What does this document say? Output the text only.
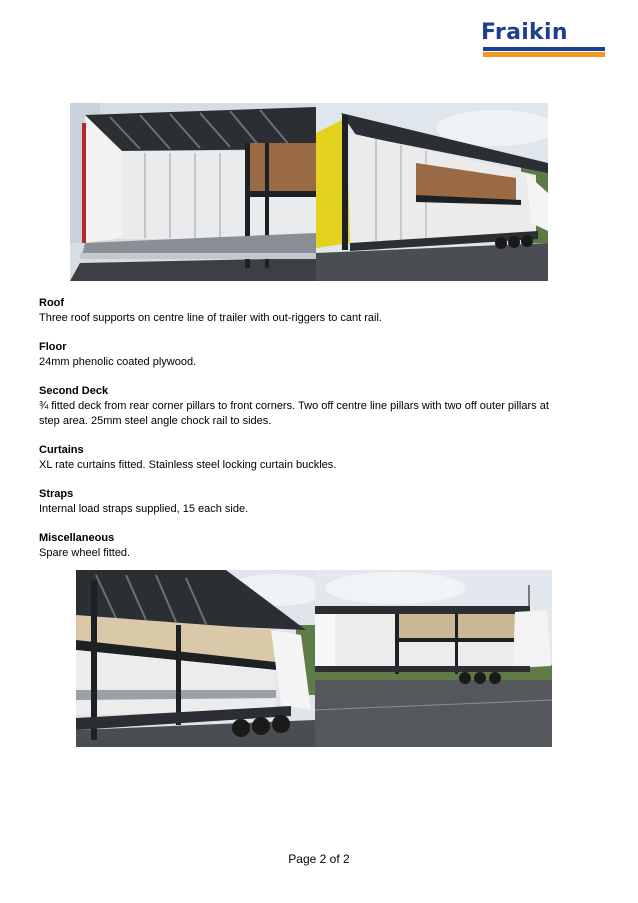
Fraikin
Roof
Three roof supports on centre line of trailer with out-riggers to cant rail.
Floor
24mm phenolic coated plywood.
Second Deck
¾ fitted deck from rear corner pillars to front corners. Two off centre line pillars with two off outer pillars at step area. 25mm steel angle chock rail to sides.
Curtains
XL rate curtains fitted. Stainless steel locking curtain buckles.
Straps
Internal load straps supplied, 15 each side.
Miscellaneous
Spare wheel fitted.
Page 2 of 2
